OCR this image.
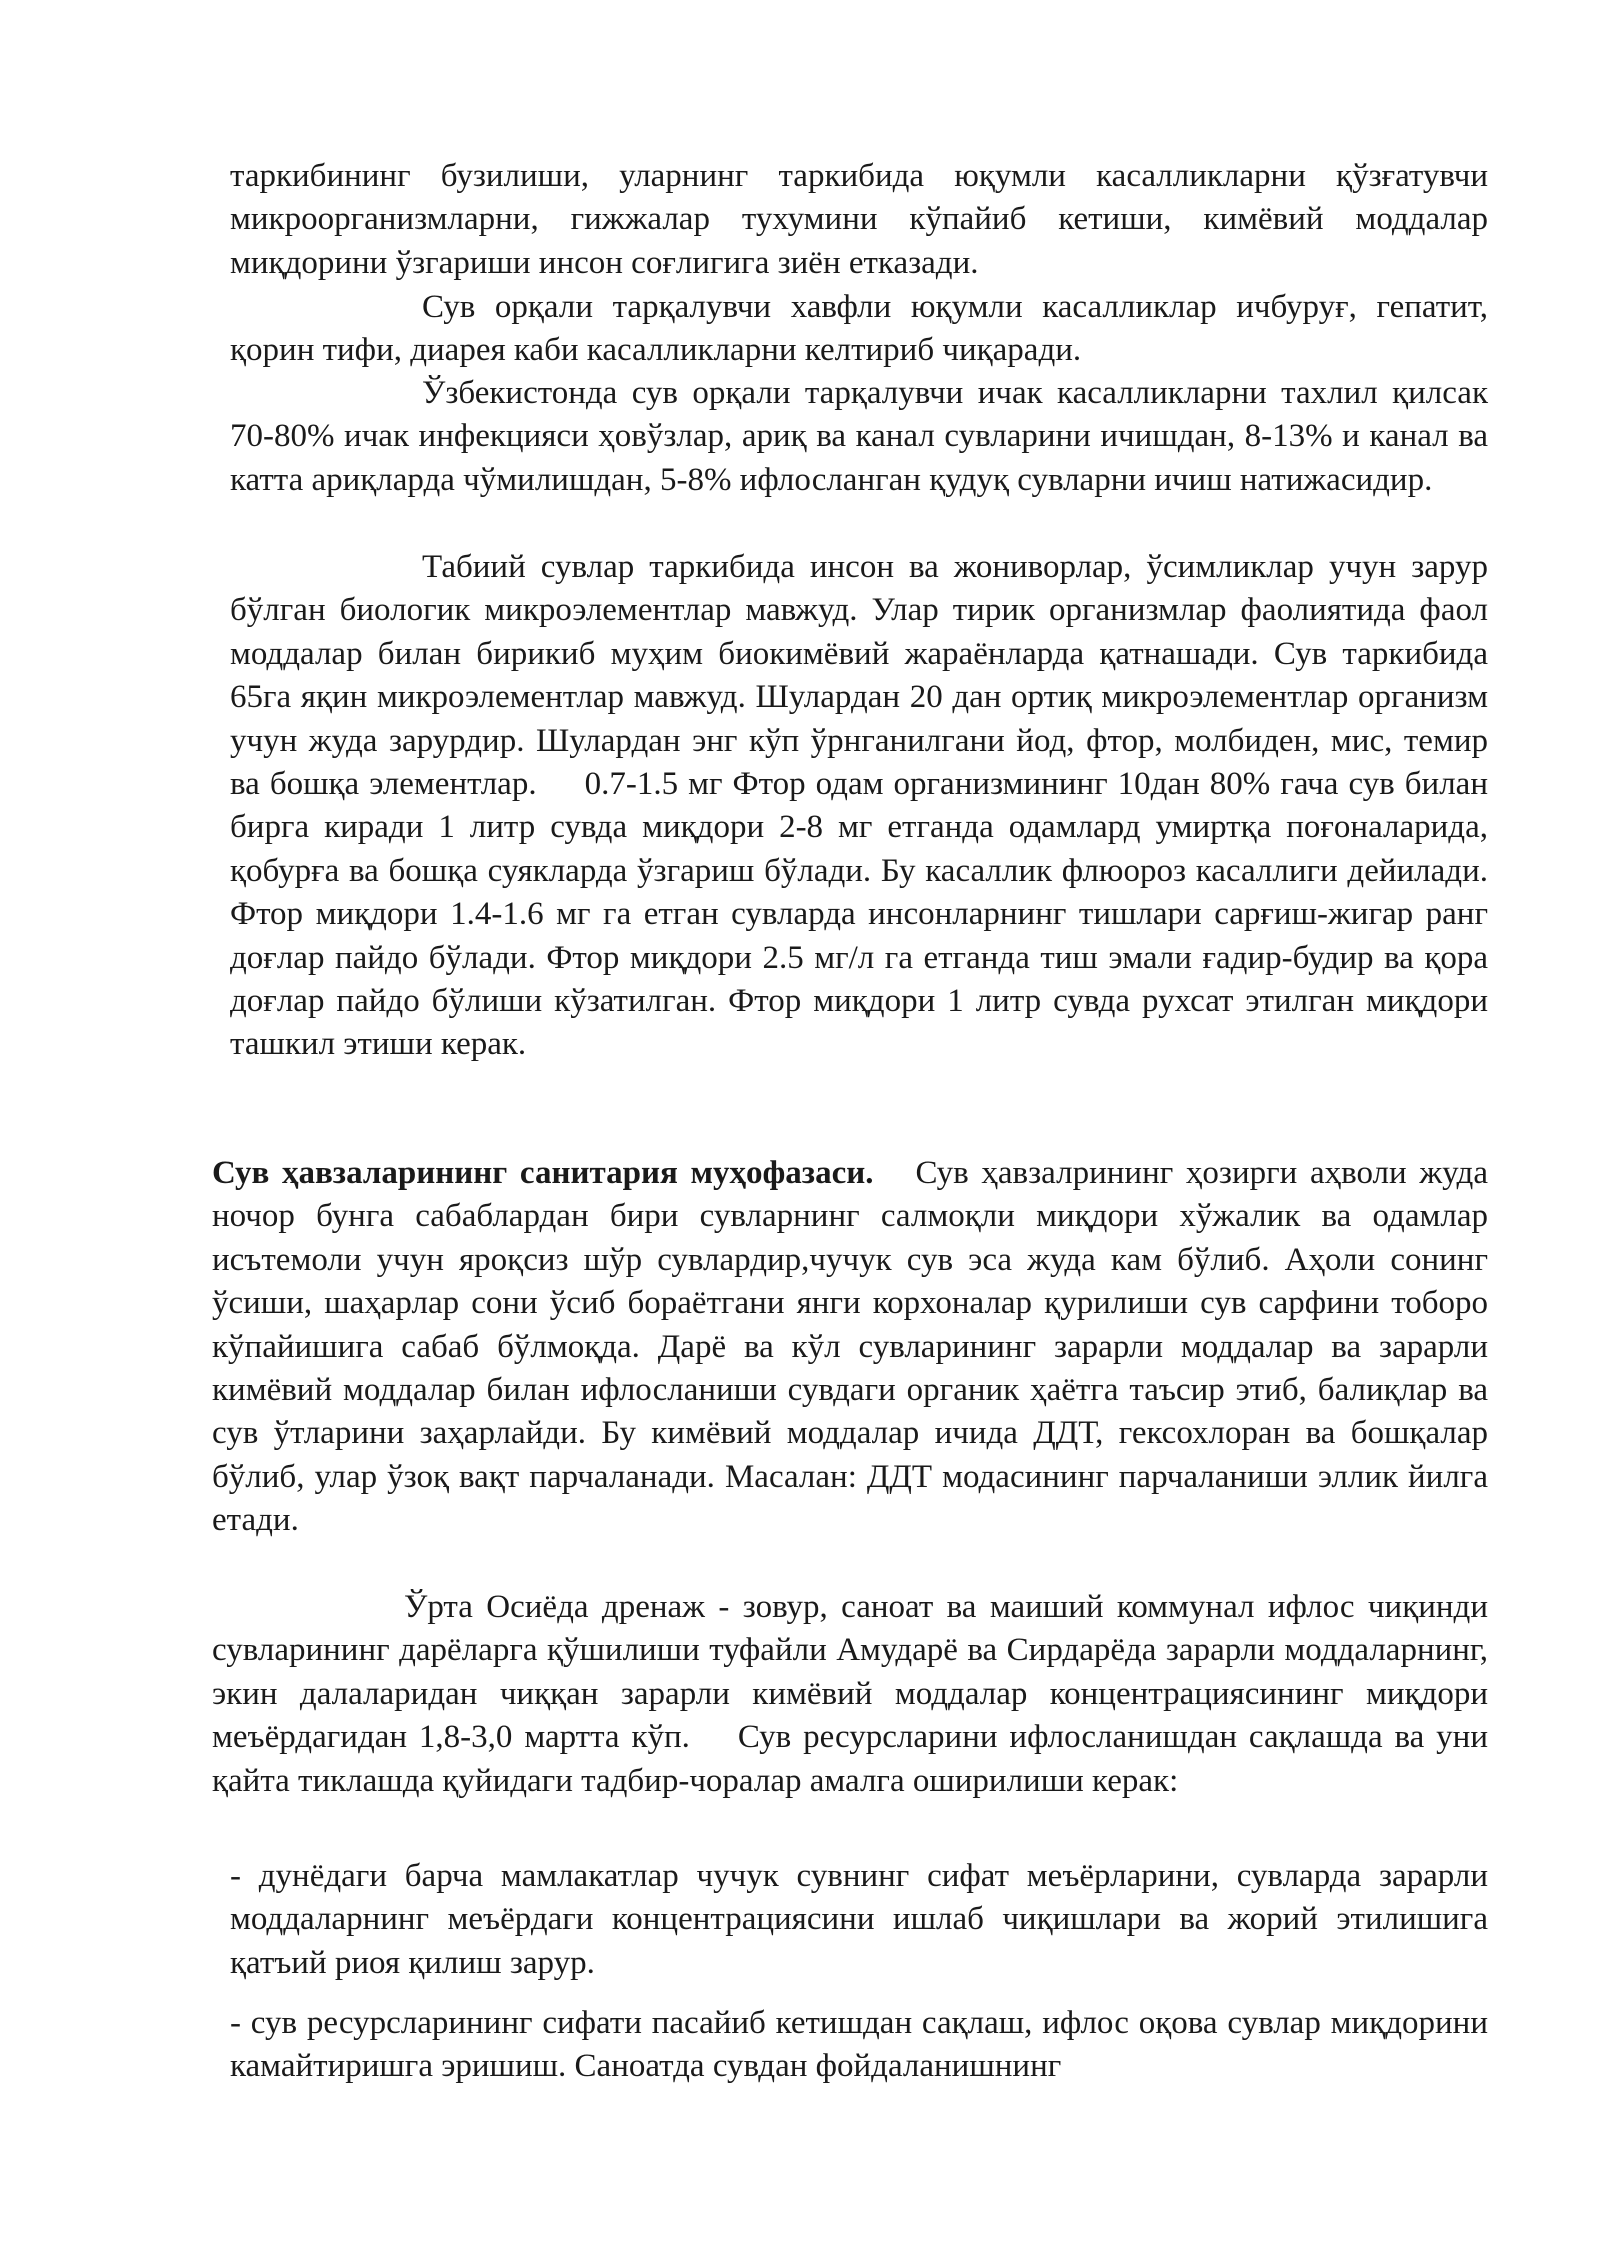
таркибининг бузилиши, уларнинг таркибида юқумли касалликларни қўзғатувчи микроорганизмларни, гижжалар тухумини кўпайиб кетиши, кимёвий моддалар миқдорини ўзгариши инсон соғлигига зиён етказади.

Сув орқали тарқалувчи хавфли юқумли касалликлар ичбуруғ, гепатит, қорин тифи, диарея каби касалликларни келтириб чиқаради.

Ўзбекистонда сув орқали тарқалувчи ичак касалликларни тахлил қилсак 70-80% ичак инфекцияси ҳовўзлар, ариқ ва канал сувларини ичишдан, 8-13% и канал ва катта ариқларда чўмилишдан, 5-8% ифлосланган қудуқ сувларни ичиш натижасидир.

Табиий сувлар таркибида инсон ва жониворлар, ўсимликлар учун зарур бўлган биологик микроэлементлар мавжуд. Улар тирик организмлар фаолиятида фаол моддалар билан бирикиб муҳим биокимёвий жараёнларда қатнашади. Сув таркибида 65га яқин микроэлементлар мавжуд. Шулардан 20 дан ортиқ микроэлементлар организм учун жуда зарурдир. Шулардан энг кўп ўрнганилгани йод, фтор, молбиден, мис, темир ва бошқа элементлар. 0.7-1.5 мг Фтор одам организмининг 10дан 80% гача сув билан бирга киради 1 литр сувда миқдори 2-8 мг етганда одамлард умиртқа поғоналарида, қобурға ва бошқа суякларда ўзгариш бўлади. Бу касаллик флюороз касаллиги дейилади. Фтор миқдори 1.4-1.6 мг га етган сувларда инсонларнинг тишлари сарғиш-жигар ранг доғлар пайдо бўлади. Фтор миқдори 2.5 мг/л га етганда тиш эмали ғадир-будир ва қора доғлар пайдо бўлиши кўзатилган. Фтор миқдори 1 литр сувда рухсат этилган миқдори ташкил этиши керак.

Сув ҳавзаларининг санитария муҳофазаси. Сув ҳавзалрининг ҳозирги аҳволи жуда ночор бунга сабаблардан бири сувларнинг салмоқли миқдори хўжалик ва одамлар исътемоли учун яроқсиз шўр сувлардир,чучук сув эса жуда кам бўлиб. Аҳоли сонинг ўсиши, шаҳарлар сони ўсиб бораётгани янги корхоналар қурилиши сув сарфини тоборо кўпайишига сабаб бўлмоқда. Дарё ва кўл сувларининг зарарли моддалар ва зарарли кимёвий моддалар билан ифлосланиши сувдаги органик ҳаётга таъсир этиб, балиқлар ва сув ўтларини заҳарлайди. Бу кимёвий моддалар ичида ДДТ, гексохлоран ва бошқалар бўлиб, улар ўзоқ вақт парчаланади. Масалан: ДДТ модасининг парчаланиши эллик йилга етади.

Ўрта Осиёда дренаж - зовур, саноат ва маиший коммунал ифлос чиқинди сувларининг дарёларга қўшилиши туфайли Амударё ва Сирдарёда зарарли моддаларнинг, экин далаларидан чиққан зарарли кимёвий моддалар концентрациясининг миқдори меъёрдагидан 1,8-3,0 мартта кўп. Сув ресурсларини ифлосланишдан сақлашда ва уни қайта тиклашда қуйидаги тадбир-чоралар амалга оширилиши керак:

- дунёдаги барча мамлакатлар чучук сувнинг сифат меъёрларини, сувларда зарарли моддаларнинг меъёрдаги концентрациясини ишлаб чиқишлари ва жорий этилишига қатъий риоя қилиш зарур.

- сув ресурсларининг сифати пасайиб кетишдан сақлаш, ифлос оқова сувлар миқдорини камайтиришга эришиш. Саноатда сувдан фойдаланишнинг
